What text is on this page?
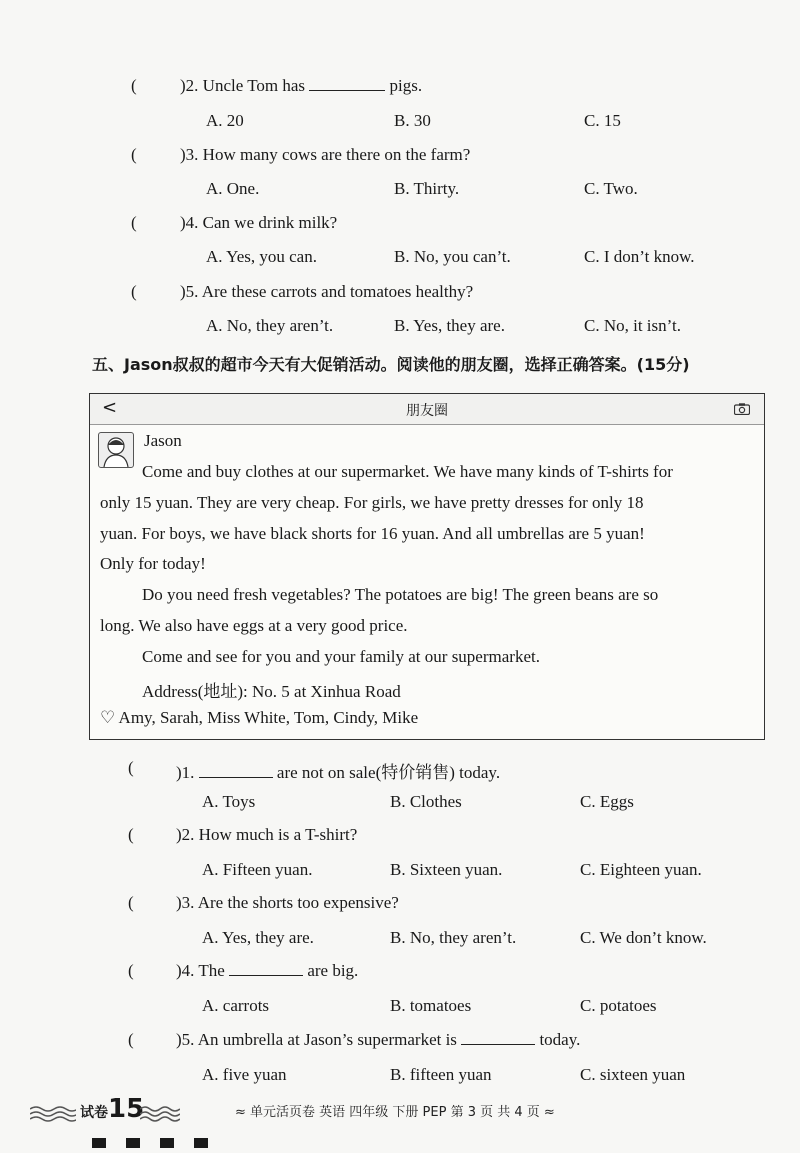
(	)2. Uncle Tom has	pigs.
A. 20	B. 30	C. 15
(	)3. How many cows are there on the farm?
A. One.	B. Thirty.	C. Two.
(	)4. Can we drink milk?
A. Yes, you can.	B. No, you can’t.	C. I don’t know.
(	)5. Are these carrots and tomatoes healthy?
A. No, they aren’t.	B. Yes, they are.	C. No, it isn’t.
五、Jason叔叔的超市今天有大促销活动。阅读他的朋友圈，选择正确答案。(15分)
<	朋友圈
Jason
Come and buy clothes at our supermarket. We have many kinds of T-shirts for
only 15 yuan. They are very cheap. For girls, we have pretty dresses for only 18
yuan. For boys, we have black shorts for 16 yuan. And all umbrellas are 5 yuan!
Only for today!
Do you need fresh vegetables? The potatoes are big! The green beans are so
long. We also have eggs at a very good price.
Come and see for you and your family at our supermarket.
Address(地址): No. 5 at Xinhua Road
♡ Amy, Sarah, Miss White, Tom, Cindy, Mike
( )1.	are not on sale(特价销售) today.
A. Toys	B. Clothes	C. Eggs
( )2. How much is a T-shirt?
A. Fifteen yuan.	B. Sixteen yuan.	C. Eighteen yuan.
( )3. Are the shorts too expensive?
A. Yes, they are.	B. No, they aren’t.	C. We don’t know.
( )4. The	are big.
A. carrots	B. tomatoes	C. potatoes
( )5. An umbrella at Jason’s supermarket is	today.
A. five yuan	B. fifteen yuan	C. sixteen yuan
试卷15	≈ 单元活页卷 英语 四年级 下册 PEP 第 3 页 共 4 页 ≈
